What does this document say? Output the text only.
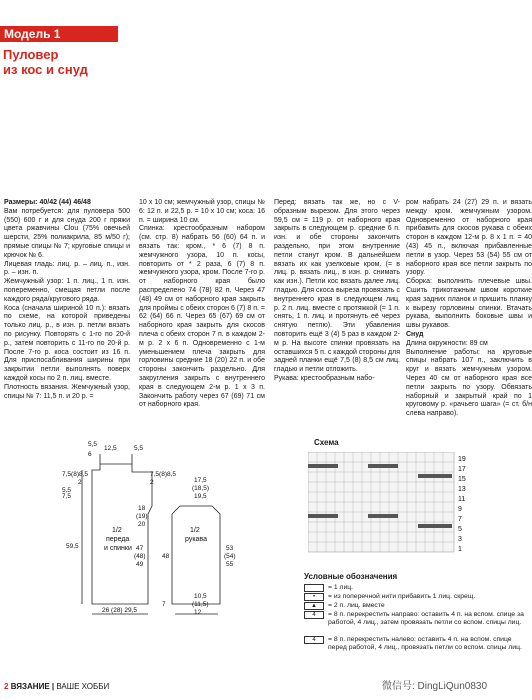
Модель 1
Пуловер
из кос и снуд

Размеры: 40/42 (44) 46/48

Вам потребуется: для пуловера 500 (550) 600 г и для снуда 200 г пряжи цвета ржавчины Clou (75% овечьей шерсти, 25% полиакрила, 85 м/50 г); прямые спицы № 7; круговые спицы и крючок № 6.

Лицевая гладь: лиц. р. – лиц. п., изн. р. – изн. п.

Жемчужный узор: 1 п. лиц., 1 п. изн. попеременно, смещая петли после каждого ряда/кругового ряда.

Коса (сначала шириной 10 п.): вязать по схеме, на которой приведены только лиц. р., в изн. р. петли вязать по рисунку. Повторять с 1-го по 20-й р., затем повторить с 11-го по 20-й р. После 7-го р. коса состоит из 16 п. Для приспосабливания ширины при закрытии петли выполнять поверх каждой косы по 2 п. лиц. вместе.

Плотность вязания. Жемчужный узор, спицы № 7: 11,5 п. и 20 р. =

10 х 10 см; жемчужный узор, спицы № 6: 12 п. и 22,5 р. = 10 х 10 см; коса: 16 п. = ширина 10 см.

Спинка: крестообразным набором (см. стр. 8) набрать 56 (60) 64 п. и вязать так: кром., * 6 (7) 8 п. жемчужного узора, 10 п. косы, повторить от * 2 раза, 6 (7) 8 п. жемчужного узора, кром. После 7-го р. от наборного края было распределено 74 (78) 82 п. Через 47 (48) 49 см от наборного края закрыть для проймы с обеих сторон 6 (7) 8 п. = 62 (64) 66 п. Через 65 (67) 69 см от наборного края закрыть для скосов плеча с обеих сторон 7 п. в каждом 2-м р. 2 х 6 п. Одновременно с 1-м уменьшением плеча закрыть для горловины средние 18 (20) 22 п. и обе стороны закончить раздельно. Для закругления закрыть с внутреннего края в следующем 2-м р. 1 х 3 п. Закончить работу через 67 (69) 71 см от наборного края.

Перед: вязать так же, но с V-образным вырезом. Для этого через 59,5 см = 119 р. от наборного края закрыть в следующем р. средние 6 п. изн. и обе стороны закончить раздельно, при этом внутренние петли станут кром. В дальнейшем вязать их как узелковые кром. (= в лиц. р. вязать лиц., в изн. р. снимать как изн.). Петли кос вязать далее лиц. гладью. Для скоса выреза провязать с внутреннего края в следующем лиц. р. 2 п. лиц. вместе с протяжкой (= 1 п. снять, 1 п. лиц. и протянуть её через снятую петлю). Эти убавления повторить ещё 3 (4) 5 раз в каждом 2-м р. На высоте спинки провязать на оставшихся 5 п. с каждой стороны для задней планки ещё 7,5 (8) 8,5 см лиц. гладью и петли отложить.

Рукава: крестообразным набо-

ром набрать 24 (27) 29 п. и вязать между кром. жемчужным узором. Одновременно от наборного края прибавить для скосов рукава с обеих сторон в каждом 12-м р. 8 х 1 п. = 40 (43) 45 п., включая прибавленные петли в узор. Через 53 (54) 55 см от наборного края все петли закрыть по узору.

Сборка: выполнить плечевые швы. Сшить трикотажным швом короткие края задних планок и пришить планку к вырезу горловины спинки. Втачать рукава, выполнить боковые швы и швы рукавов.

Снуд

Длина окружности: 89 см

Выполнение работы: на круговые спицы набрать 107 п., заключить в круг и вязать жемчужным узором. Через 40 см от наборного края все петли закрыть по узору. Обвязать наборный и закрытый край по 1 круговому р. «рачьего шага» (= ст. б/н слева направо).

12,5
5,5
5,5
6
7,5(8)8,5
2
5,5
7,5
7,5(8)8,5
2
18
(19)
20
59,5	47
(48)
49
26 (28) 29,5
17,5
(18,5)
19,5
48
53
(54)
55
10,5
(11,5)
12
7
1/2
переда
и спинки
1/2
рукава
Схема
19
17
15
13
11
9
7
5
3
1
Условные обозначения
= 1 лиц.
•	= из поперечной нити прибавить 1 лиц. скрещ.
▲	= 2 п. лиц. вместе
4	= 8 п. перекрестить направо: оставить 4 п. на вспом. спице за работой, 4 лиц., затем провязать петли со вспом. спицы лиц.
4	= 8 п. перекрестить налево: оставить 4 п. на вспом. спице перед работой, 4 лиц., провязать петли со вспом. спицы лиц.
2 ВЯЗАНИЕ | ВАШЕ ХОББИ	微信号: DingLiQun0830
